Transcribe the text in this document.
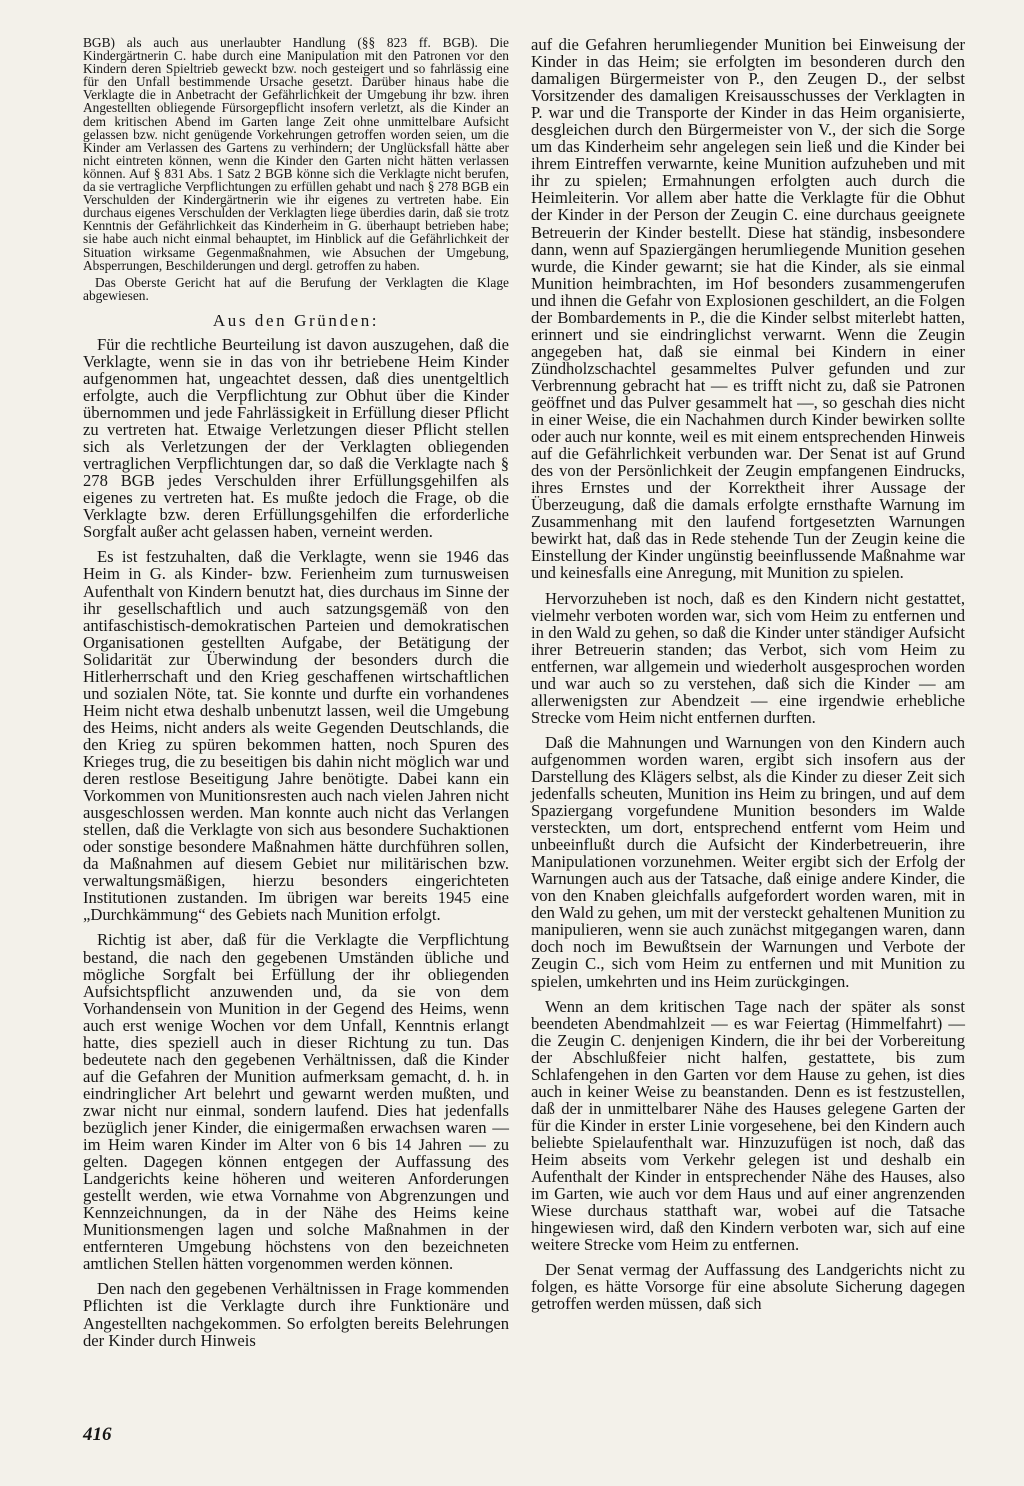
BGB) als auch aus unerlaubter Handlung (§§ 823 ff. BGB). Die Kindergärtnerin C. habe durch eine Manipulation mit den Patronen vor den Kindern deren Spieltrieb geweckt bzw. noch gesteigert und so fahrlässig eine für den Unfall bestimmende Ursache gesetzt. Darüber hinaus habe die Verklagte die in Anbetracht der Gefährlichkeit der Umgebung ihr bzw. ihren Angestellten obliegende Fürsorgepflicht insofern verletzt, als die Kinder an dem kritischen Abend im Garten lange Zeit ohne unmittelbare Aufsicht gelassen bzw. nicht genügende Vorkehrungen getroffen worden seien, um die Kinder am Verlassen des Gartens zu verhindern; der Unglücksfall hätte aber nicht eintreten können, wenn die Kinder den Garten nicht hätten verlassen können. Auf § 831 Abs. 1 Satz 2 BGB könne sich die Verklagte nicht berufen, da sie vertragliche Verpflichtungen zu erfüllen gehabt und nach § 278 BGB ein Verschulden der Kindergärtnerin wie ihr eigenes zu vertreten habe. Ein durchaus eigenes Verschulden der Verklagten liege überdies darin, daß sie trotz Kenntnis der Gefährlichkeit das Kinderheim in G. überhaupt betrieben habe; sie habe auch nicht einmal behauptet, im Hinblick auf die Gefährlichkeit der Situation wirksame Gegenmaßnahmen, wie Absuchen der Umgebung, Absperrungen, Beschilderungen und dergl. getroffen zu haben.

Das Oberste Gericht hat auf die Berufung der Verklagten die Klage abgewiesen.

Aus den Gründen:

Für die rechtliche Beurteilung ist davon auszugehen, daß die Verklagte, wenn sie in das von ihr betriebene Heim Kinder aufgenommen hat, ungeachtet dessen, daß dies unentgeltlich erfolgte, auch die Verpflichtung zur Obhut über die Kinder übernommen und jede Fahrlässigkeit in Erfüllung dieser Pflicht zu vertreten hat. Etwaige Verletzungen dieser Pflicht stellen sich als Verletzungen der der Verklagten obliegenden vertraglichen Verpflichtungen dar, so daß die Verklagte nach § 278 BGB jedes Verschulden ihrer Erfüllungsgehilfen als eigenes zu vertreten hat. Es mußte jedoch die Frage, ob die Verklagte bzw. deren Erfüllungsgehilfen die erforderliche Sorgfalt außer acht gelassen haben, verneint werden.

Es ist festzuhalten, daß die Verklagte, wenn sie 1946 das Heim in G. als Kinder- bzw. Ferienheim zum turnusweisen Aufenthalt von Kindern benutzt hat, dies durchaus im Sinne der ihr gesellschaftlich und auch satzungsgemäß von den antifaschistisch-demokratischen Parteien und demokratischen Organisationen gestellten Aufgabe, der Betätigung der Solidarität zur Überwindung der besonders durch die Hitlerherrschaft und den Krieg geschaffenen wirtschaftlichen und sozialen Nöte, tat. Sie konnte und durfte ein vorhandenes Heim nicht etwa deshalb unbenutzt lassen, weil die Umgebung des Heims, nicht anders als weite Gegenden Deutschlands, die den Krieg zu spüren bekommen hatten, noch Spuren des Krieges trug, die zu beseitigen bis dahin nicht möglich war und deren restlose Beseitigung Jahre benötigte. Dabei kann ein Vorkommen von Munitionsresten auch nach vielen Jahren nicht ausgeschlossen werden. Man konnte auch nicht das Verlangen stellen, daß die Verklagte von sich aus besondere Suchaktionen oder sonstige besondere Maßnahmen hätte durchführen sollen, da Maßnahmen auf diesem Gebiet nur militärischen bzw. verwaltungsmäßigen, hierzu besonders eingerichteten Institutionen zustanden. Im übrigen war bereits 1945 eine „Durchkämmung“ des Gebiets nach Munition erfolgt.

Richtig ist aber, daß für die Verklagte die Verpflichtung bestand, die nach den gegebenen Umständen übliche und mögliche Sorgfalt bei Erfüllung der ihr obliegenden Aufsichtspflicht anzuwenden und, da sie von dem Vorhandensein von Munition in der Gegend des Heims, wenn auch erst wenige Wochen vor dem Unfall, Kenntnis erlangt hatte, dies speziell auch in dieser Richtung zu tun. Das bedeutete nach den gegebenen Verhältnissen, daß die Kinder auf die Gefahren der Munition aufmerksam gemacht, d. h. in eindringlicher Art belehrt und gewarnt werden mußten, und zwar nicht nur einmal, sondern laufend. Dies hat jedenfalls bezüglich jener Kinder, die einigermaßen erwachsen waren — im Heim waren Kinder im Alter von 6 bis 14 Jahren — zu gelten. Dagegen können entgegen der Auffassung des Landgerichts keine höheren und weiteren Anforderungen gestellt werden, wie etwa Vornahme von Abgrenzungen und Kennzeichnungen, da in der Nähe des Heims keine Munitionsmengen lagen und solche Maßnahmen in der entfernteren Umgebung höchstens von den bezeichneten amtlichen Stellen hätten vorgenommen werden können.

Den nach den gegebenen Verhältnissen in Frage kommenden Pflichten ist die Verklagte durch ihre Funktionäre und Angestellten nachgekommen. So erfolgten bereits Belehrungen der Kinder durch Hinweis

auf die Gefahren herumliegender Munition bei Einweisung der Kinder in das Heim; sie erfolgten im besonderen durch den damaligen Bürgermeister von P., den Zeugen D., der selbst Vorsitzender des damaligen Kreisausschusses der Verklagten in P. war und die Transporte der Kinder in das Heim organisierte, desgleichen durch den Bürgermeister von V., der sich die Sorge um das Kinderheim sehr angelegen sein ließ und die Kinder bei ihrem Eintreffen verwarnte, keine Munition aufzuheben und mit ihr zu spielen; Ermahnungen erfolgten auch durch die Heimleiterin. Vor allem aber hatte die Verklagte für die Obhut der Kinder in der Person der Zeugin C. eine durchaus geeignete Betreuerin der Kinder bestellt. Diese hat ständig, insbesondere dann, wenn auf Spaziergängen herumliegende Munition gesehen wurde, die Kinder gewarnt; sie hat die Kinder, als sie einmal Munition heimbrachten, im Hof besonders zusammengerufen und ihnen die Gefahr von Explosionen geschildert, an die Folgen der Bombardements in P., die die Kinder selbst miterlebt hatten, erinnert und sie eindringlichst verwarnt. Wenn die Zeugin angegeben hat, daß sie einmal bei Kindern in einer Zündholzschachtel gesammeltes Pulver gefunden und zur Verbrennung gebracht hat — es trifft nicht zu, daß sie Patronen geöffnet und das Pulver gesammelt hat —, so geschah dies nicht in einer Weise, die ein Nachahmen durch Kinder bewirken sollte oder auch nur konnte, weil es mit einem entsprechenden Hinweis auf die Gefährlichkeit verbunden war. Der Senat ist auf Grund des von der Persönlichkeit der Zeugin empfangenen Eindrucks, ihres Ernstes und der Korrektheit ihrer Aussage der Überzeugung, daß die damals erfolgte ernsthafte Warnung im Zusammenhang mit den laufend fortgesetzten Warnungen bewirkt hat, daß das in Rede stehende Tun der Zeugin keine die Einstellung der Kinder ungünstig beeinflussende Maßnahme war und keinesfalls eine Anregung, mit Munition zu spielen.

Hervorzuheben ist noch, daß es den Kindern nicht gestattet, vielmehr verboten worden war, sich vom Heim zu entfernen und in den Wald zu gehen, so daß die Kinder unter ständiger Aufsicht ihrer Betreuerin standen; das Verbot, sich vom Heim zu entfernen, war allgemein und wiederholt ausgesprochen worden und war auch so zu verstehen, daß sich die Kinder — am allerwenigsten zur Abendzeit — eine irgendwie erhebliche Strecke vom Heim nicht entfernen durften.

Daß die Mahnungen und Warnungen von den Kindern auch aufgenommen worden waren, ergibt sich insofern aus der Darstellung des Klägers selbst, als die Kinder zu dieser Zeit sich jedenfalls scheuten, Munition ins Heim zu bringen, und auf dem Spaziergang vorgefundene Munition besonders im Walde versteckten, um dort, entsprechend entfernt vom Heim und unbeeinflußt durch die Aufsicht der Kinderbetreuerin, ihre Manipulationen vorzunehmen. Weiter ergibt sich der Erfolg der Warnungen auch aus der Tatsache, daß einige andere Kinder, die von den Knaben gleichfalls aufgefordert worden waren, mit in den Wald zu gehen, um mit der versteckt gehaltenen Munition zu manipulieren, wenn sie auch zunächst mitgegangen waren, dann doch noch im Bewußtsein der Warnungen und Verbote der Zeugin C., sich vom Heim zu entfernen und mit Munition zu spielen, umkehrten und ins Heim zurückgingen.

Wenn an dem kritischen Tage nach der später als sonst beendeten Abendmahlzeit — es war Feiertag (Himmelfahrt) — die Zeugin C. denjenigen Kindern, die ihr bei der Vorbereitung der Abschlußfeier nicht halfen, gestattete, bis zum Schlafengehen in den Garten vor dem Hause zu gehen, ist dies auch in keiner Weise zu beanstanden. Denn es ist festzustellen, daß der in unmittelbarer Nähe des Hauses gelegene Garten der für die Kinder in erster Linie vorgesehene, bei den Kindern auch beliebte Spielaufenthalt war. Hinzuzufügen ist noch, daß das Heim abseits vom Verkehr gelegen ist und deshalb ein Aufenthalt der Kinder in entsprechender Nähe des Hauses, also im Garten, wie auch vor dem Haus und auf einer angrenzenden Wiese durchaus statthaft war, wobei auf die Tatsache hingewiesen wird, daß den Kindern verboten war, sich auf eine weitere Strecke vom Heim zu entfernen.

Der Senat vermag der Auffassung des Landgerichts nicht zu folgen, es hätte Vorsorge für eine absolute Sicherung dagegen getroffen werden müssen, daß sich

416
